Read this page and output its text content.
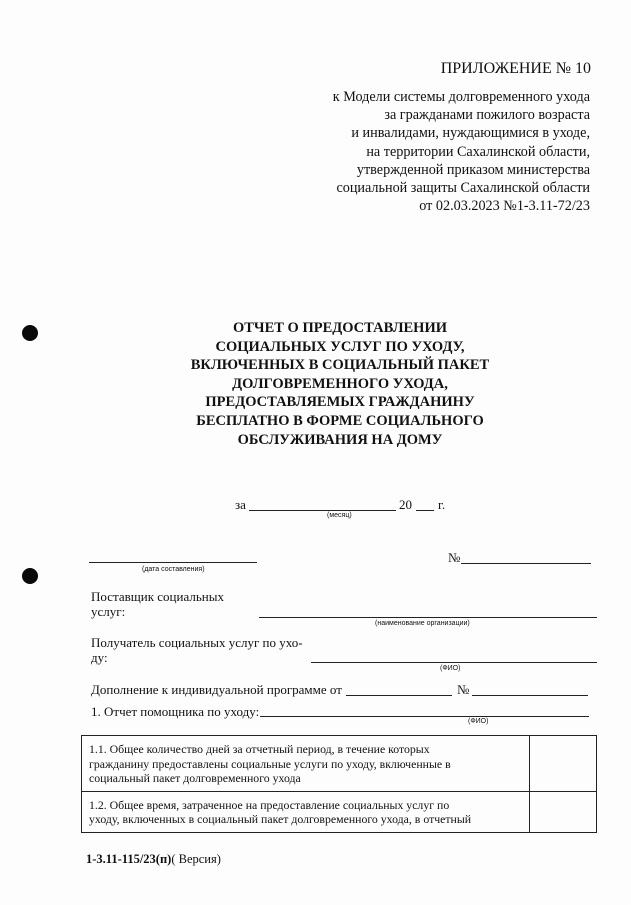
ПРИЛОЖЕНИЕ № 10
к Модели системы долговременного ухода
за гражданами пожилого возраста
и инвалидами, нуждающимися в уходе,
на территории Сахалинской области,
утвержденной приказом министерства
социальной защиты Сахалинской области
от 02.03.2023 №1-3.11-72/23
ОТЧЕТ О ПРЕДОСТАВЛЕНИИ
СОЦИАЛЬНЫХ УСЛУГ ПО УХОДУ,
ВКЛЮЧЕННЫХ В СОЦИАЛЬНЫЙ ПАКЕТ
ДОЛГОВРЕМЕННОГО УХОДА,
ПРЕДОСТАВЛЯЕМЫХ ГРАЖДАНИНУ
БЕСПЛАТНО В ФОРМЕ СОЦИАЛЬНОГО
ОБСЛУЖИВАНИЯ НА ДОМУ
за	20 г.
(месяц)
(дата составления)
№
Поставщик социальных
услуг:
(наименование организации)
Получатель социальных услуг по ухо-
ду:
(ФИО)
Дополнение к индивидуальной программе от	№
1. Отчет помощника по уходу:
(ФИО)
1.1. Общее количество дней за отчетный период, в течение которых
гражданину предоставлены социальные услуги по уходу, включенные в
социальный пакет долговременного ухода	

1.2. Общее время, затраченное на предоставление социальных услуг по
уходу, включенных в социальный пакет долговременного ухода, в отчетный	

1-3.11-115/23(п)( Версия)
